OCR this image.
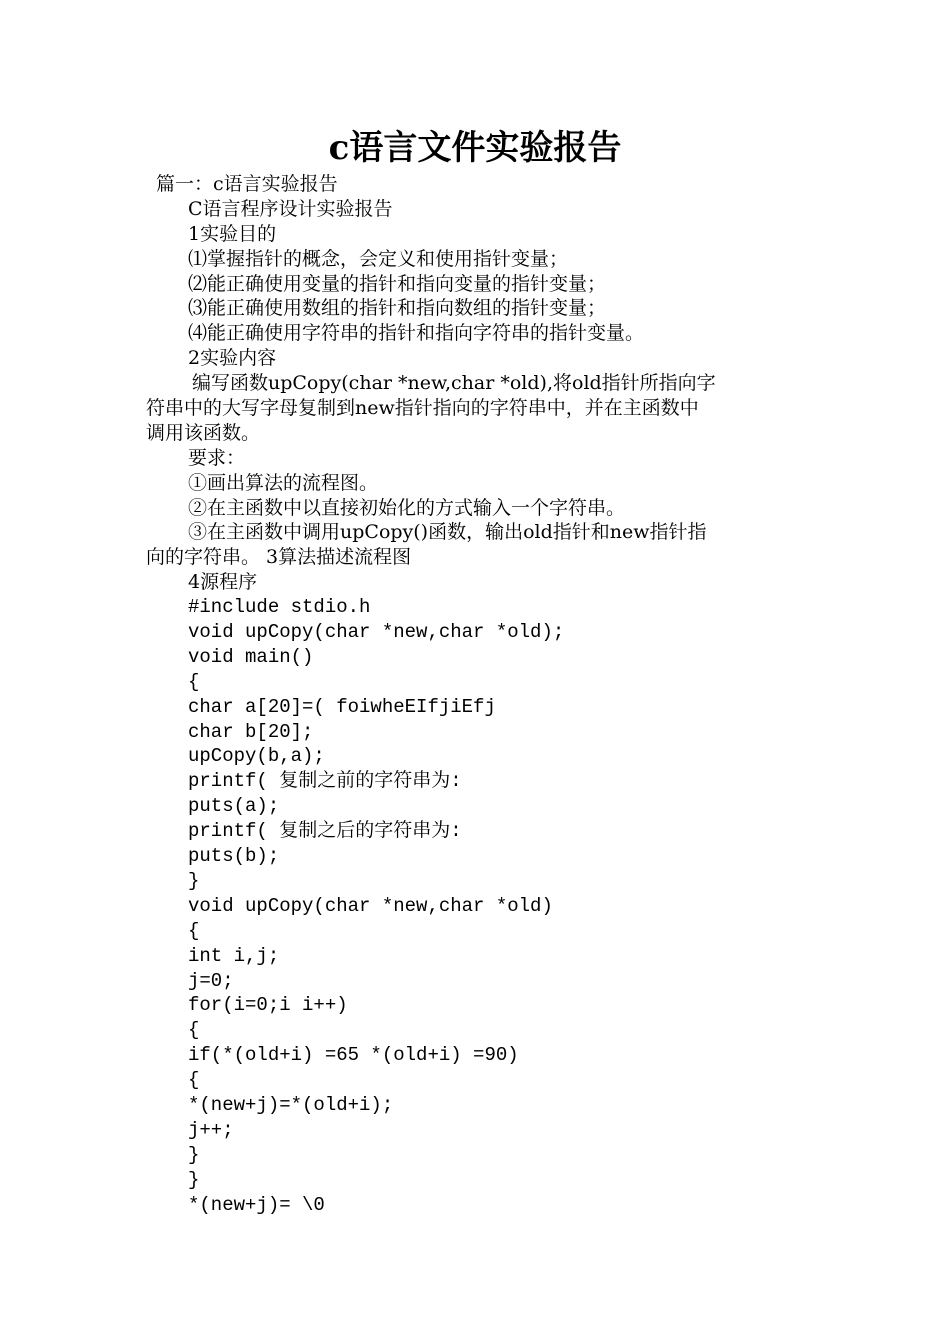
c语言文件实验报告
篇一：c语言实验报告
C语言程序设计实验报告
1实验目的
⑴掌握指针的概念，会定义和使用指针变量；
⑵能正确使用变量的指针和指向变量的指针变量；
⑶能正确使用数组的指针和指向数组的指针变量；
⑷能正确使用字符串的指针和指向字符串的指针变量。
2实验内容
编写函数upCopy(char *new,char *old),将old指针所指向字
符串中的大写字母复制到new指针指向的字符串中，并在主函数中
调用该函数。
要求：
①画出算法的流程图。
②在主函数中以直接初始化的方式输入一个字符串。
③在主函数中调用upCopy()函数，输出old指针和new指针指
向的字符串。 3算法描述流程图
4源程序
#include stdio.h
void upCopy(char *new,char *old);
void main()
{
char a[20]=( foiwheEIfjiEfj
char b[20];
upCopy(b,a);
printf( 复制之前的字符串为:
puts(a);
printf( 复制之后的字符串为:
puts(b);
}
void upCopy(char *new,char *old)
{
int i,j;
j=0;
for(i=0;i i++)
{
if(*(old+i) =65 *(old+i) =90)
{
*(new+j)=*(old+i);
j++;
}
}
*(new+j)= \0
